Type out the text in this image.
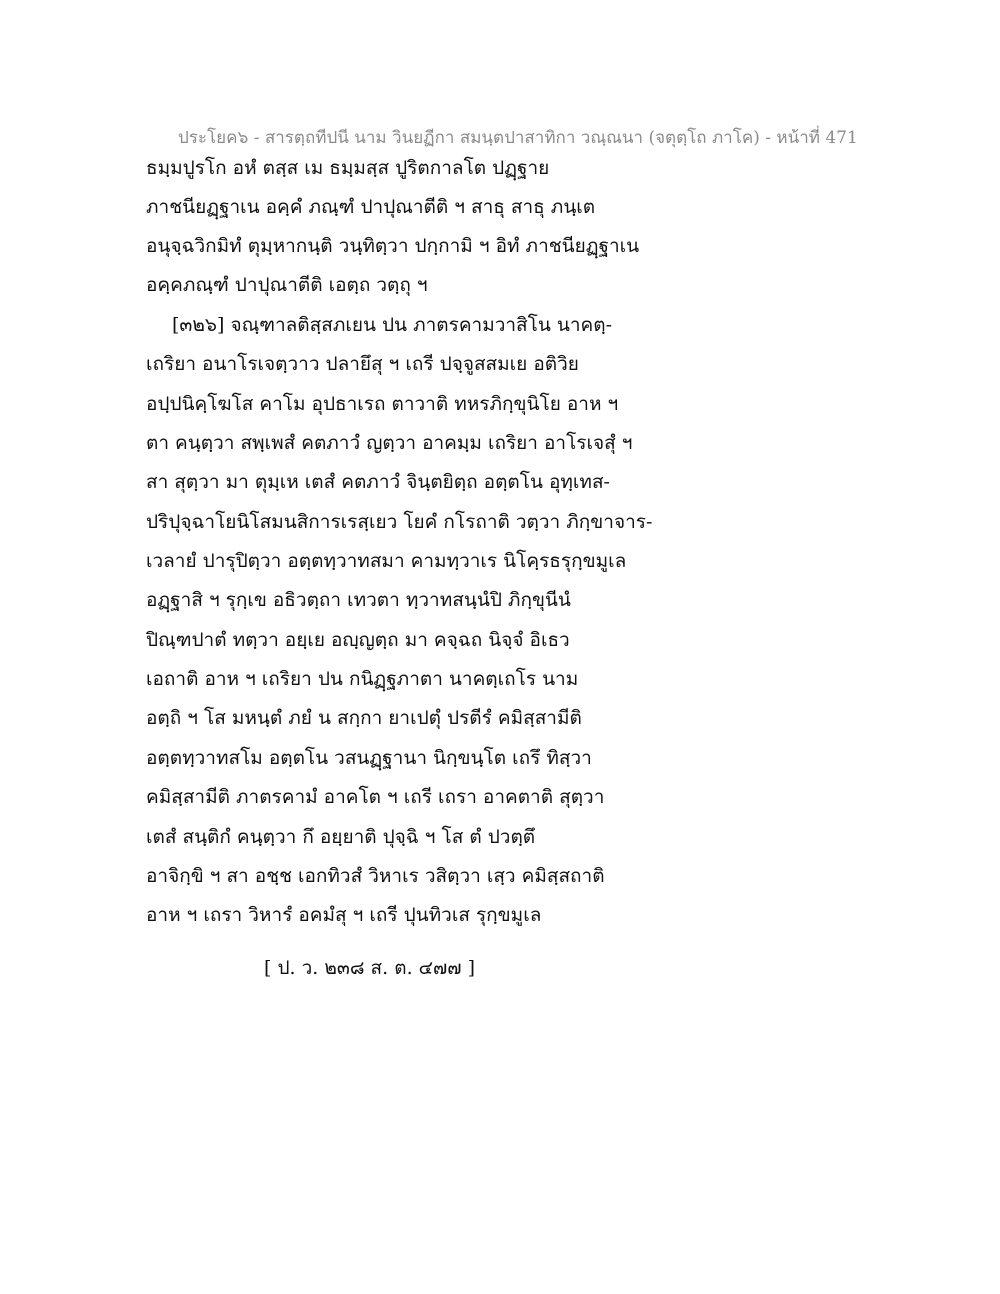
ประโยค๖ - สารตฺถทีปนี นาม วินยฏีกา สมนฺตปาสาทิกา วณฺณนา (จตุตฺโถ ภาโค) - หน้าที่ 471
ธมฺมปูรโก อหํ ตสฺส เม ธมฺมสฺส ปูริตกาลโต ปฏฺฐาย
ภาชนียฏฺฐาเน อคฺคํ ภณฺฑํ ปาปุณาตีติ ฯ สาธุ สาธุ ภนฺเต
อนุจฺฉวิกมิทํ ตุมฺหากนฺติ วนฺทิตฺวา ปกฺกามิ ฯ อิทํ ภาชนียฏฺฐาเน
อคฺคภณฺฑํ ปาปุณาตีติ เอตฺถ วตฺถุ ฯ
[๓๒๖] จณฺฑาลติสฺสภเยน ปน ภาตรคามวาสิโน นาคตฺ-
เถริยา อนาโรเจตฺวาว ปลายึสุ ฯ เถรี ปจฺจูสสมเย อติวิย
อปฺปนิคฺโฆโส คาโม อุปธาเรถ ตาวาติ ทหรภิกฺขุนิโย อาห ฯ
ตา คนฺตฺวา สพฺเพสํ คตภาวํ ญตฺวา อาคมฺม เถริยา อาโรเจสุํ ฯ
สา สุตฺวา มา ตุมฺเห เตสํ คตภาวํ จินฺตยิตฺถ อตฺตโน อุทฺเทส-
ปริปุจฺฉาโยนิโสมนสิการเรสฺเยว โยคํ กโรถาติ วตฺวา ภิกฺขาจาร-
เวลายํ ปารุปิตฺวา อตฺตทฺวาทสมา คามทฺวาเร นิโคฺรธรุกฺขมูเล
อฏฺฐาสิ ฯ รุกฺเข อธิวตฺถา เทวตา ทฺวาทสนฺนํปิ ภิกฺขุนีนํ
ปิณฺฑปาตํ ทตฺวา อยฺเย อญฺญตฺถ มา คจฺฉถ นิจฺจํ อิเธว
เอถาติ อาห ฯ เถริยา ปน กนิฏฺฐภาตา นาคตฺเถโร นาม
อตฺถิ ฯ โส มหนฺตํ ภยํ น สกฺกา ยาเปตุํ ปรตีรํ คมิสฺสามีติ
อตฺตทฺวาทสโม อตฺตโน วสนฏฺฐานา นิกฺขนฺโต เถรึ ทิสฺวา
คมิสฺสามีติ ภาตรคามํ อาคโต ฯ เถรี เถรา อาคตาติ สุตฺวา
เตสํ สนฺติกํ คนฺตฺวา กึ อยฺยาติ ปุจฺฉิ ฯ โส ตํ ปวตฺตึ
อาจิกฺขิ ฯ สา อชฺช เอกทิวสํ วิหาเร วสิตฺวา เสฺว คมิสฺสถาติ
อาห ฯ เถรา วิหารํ อคมํสุ ฯ เถรี ปุนทิวเส รุกฺขมูเล
[ ป. ว. ๒๓๘ ส. ต. ๔๗๗ ]
